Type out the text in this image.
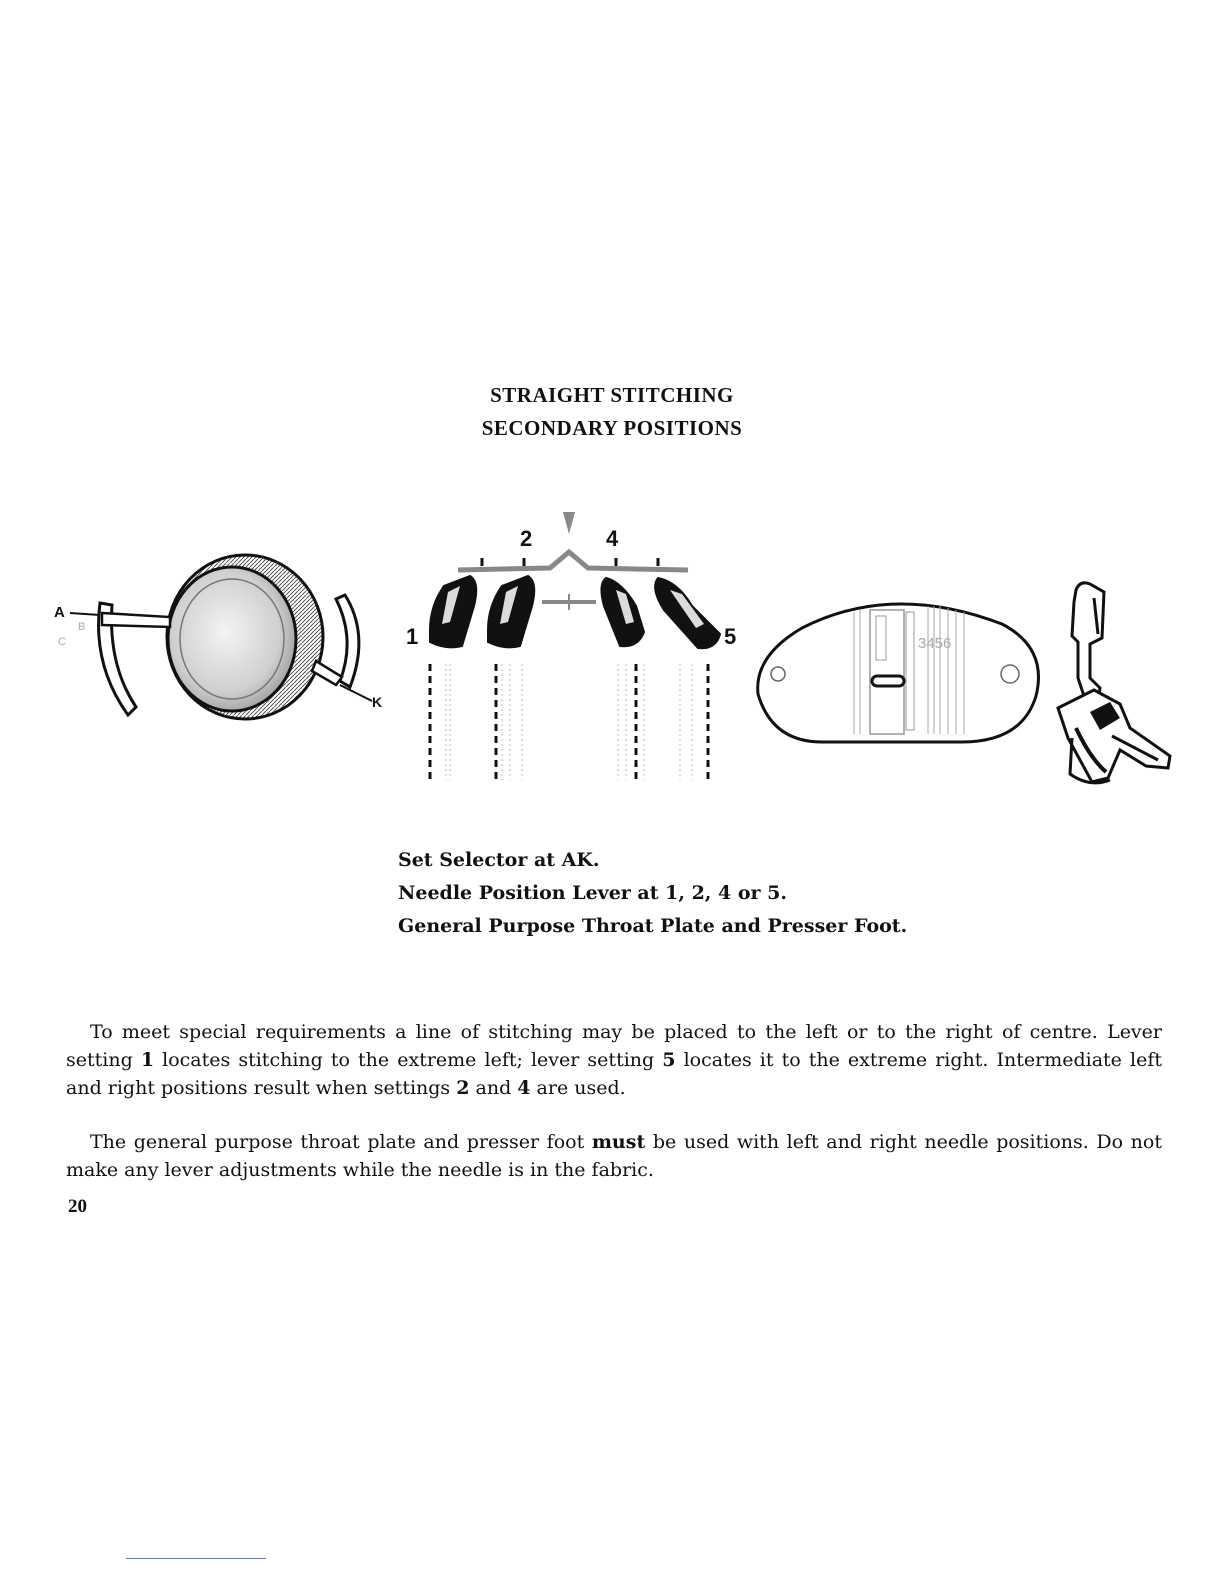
STRAIGHT STITCHING
SECONDARY POSITIONS
A
B
C
K
2	4
1	5	3456
Set Selector at AK.
Needle Position Lever at 1, 2, 4 or 5.
General Purpose Throat Plate and Presser Foot.
To meet special requirements a line of stitching may be placed to the left or to the right of centre. Lever setting 1 locates stitching to the extreme left; lever setting 5 locates it to the extreme right. Intermediate left and right positions result when settings 2 and 4 are used.
The general purpose throat plate and presser foot must be used with left and right needle positions. Do not make any lever adjustments while the needle is in the fabric.
20
